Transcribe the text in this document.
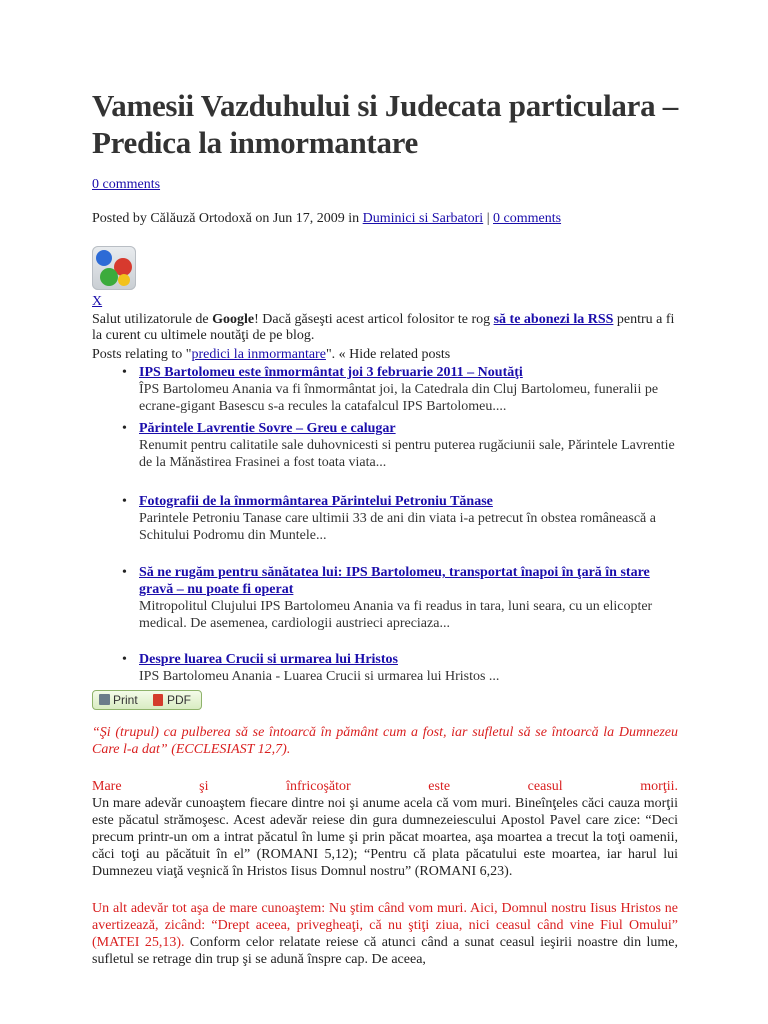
Vamesii Vazduhului si Judecata particulara – Predica la inmormantare
0 comments
Posted by Călăuză Ortodoxă on Jun 17, 2009 in Duminici si Sarbatori | 0 comments
X
Salut utilizatorule de Google! Dacă găseşti acest articol folositor te rog să te abonezi la RSS pentru a fi la curent cu ultimele noutăţi de pe blog.
Posts relating to "predici la inmormantare". « Hide related posts
• IPS Bartolomeu este înmormântat joi 3 februarie 2011 – Noutăţi
ÎPS Bartolomeu Anania va fi înmormântat joi, la Catedrala din Cluj Bartolomeu, funeralii pe ecrane-gigant Basescu s-a recules la catafalcul IPS Bartolomeu....
• Părintele Lavrentie Sovre – Greu e calugar
Renumit pentru calitatile sale duhovnicesti si pentru puterea rugăciunii sale, Părintele Lavrentie de la Mănăstirea Frasinei a fost toata viata...
• Fotografii de la înmormântarea Părintelui Petroniu Tănase
Parintele Petroniu Tanase care ultimii 33 de ani din viata i-a petrecut în obstea românească a Schitului Podromu din Muntele...
• Să ne rugăm pentru sănătatea lui: IPS Bartolomeu, transportat înapoi în ţară în stare gravă – nu poate fi operat
Mitropolitul Clujului IPS Bartolomeu Anania va fi readus in tara, luni seara, cu un elicopter medical. De asemenea, cardiologii austrieci apreciaza...
• Despre luarea Crucii si urmarea lui Hristos
IPS Bartolomeu Anania - Luarea Crucii si urmarea lui Hristos ...
Print PDF

“Şi (trupul) ca pulberea să se întoarcă în pământ cum a fost, iar sufletul să se întoarcă la Dumnezeu Care l-a dat” (ECCLESIAST 12,7).

Mare şi înfricoşător este ceasul morţii.
Un mare adevăr cunoaştem fiecare dintre noi şi anume acela că vom muri. Bineînţeles căci cauza morţii este păcatul strămoşesc. Acest adevăr reiese din gura dumnezeiescului Apostol Pavel care zice: “Deci precum printr-un om a intrat păcatul în lume şi prin păcat moartea, aşa moartea a trecut la toţi oamenii, căci toţi au păcătuit în el” (ROMANI 5,12); “Pentru că plata păcatului este moartea, iar harul lui Dumnezeu viaţă veşnică în Hristos Iisus Domnul nostru” (ROMANI 6,23).

Un alt adevăr tot aşa de mare cunoaştem: Nu ştim când vom muri. Aici, Domnul nostru Iisus Hristos ne avertizează, zicând: “Drept aceea, privegheaţi, că nu ştiţi ziua, nici ceasul când vine Fiul Omului” (MATEI 25,13). Conform celor relatate reiese că atunci când a sunat ceasul ieşirii noastre din lume, sufletul se retrage din trup şi se adună înspre cap. De aceea,
